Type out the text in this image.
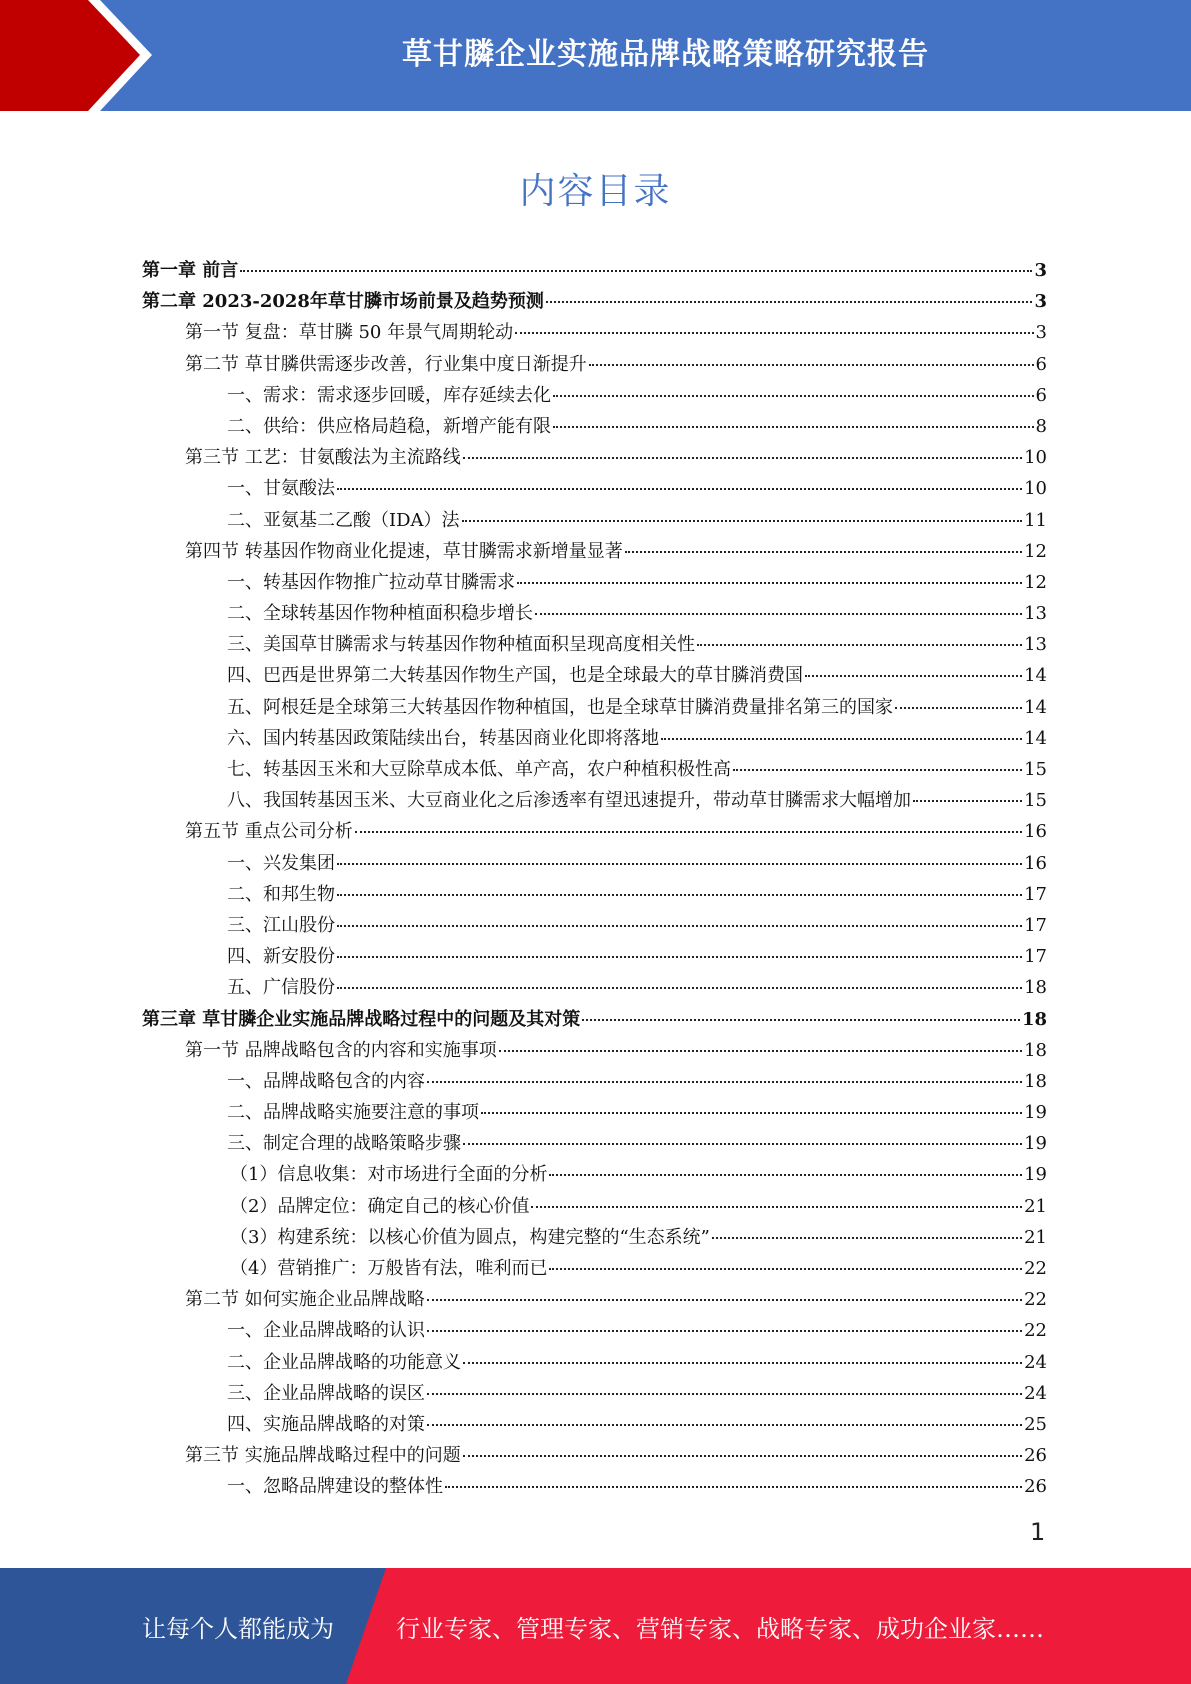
草甘膦企业实施品牌战略策略研究报告
内容目录
第一章 前言	3
第二章 2023-2028年草甘膦市场前景及趋势预测	3
第一节 复盘：草甘膦 50 年景气周期轮动	3
第二节 草甘膦供需逐步改善，行业集中度日渐提升	6
一、需求：需求逐步回暖，库存延续去化	6
二、供给：供应格局趋稳，新增产能有限	8
第三节 工艺：甘氨酸法为主流路线	10
一、甘氨酸法	10
二、亚氨基二乙酸（IDA）法	11
第四节 转基因作物商业化提速，草甘膦需求新增量显著	12
一、转基因作物推广拉动草甘膦需求	12
二、全球转基因作物种植面积稳步增长	13
三、美国草甘膦需求与转基因作物种植面积呈现高度相关性	13
四、巴西是世界第二大转基因作物生产国，也是全球最大的草甘膦消费国	14
五、阿根廷是全球第三大转基因作物种植国，也是全球草甘膦消费量排名第三的国家	14
六、国内转基因政策陆续出台，转基因商业化即将落地	14
七、转基因玉米和大豆除草成本低、单产高，农户种植积极性高	15
八、我国转基因玉米、大豆商业化之后渗透率有望迅速提升，带动草甘膦需求大幅增加	15
第五节 重点公司分析	16
一、兴发集团	16
二、和邦生物	17
三、江山股份	17
四、新安股份	17
五、广信股份	18
第三章 草甘膦企业实施品牌战略过程中的问题及其对策	18
第一节 品牌战略包含的内容和实施事项	18
一、品牌战略包含的内容	18
二、品牌战略实施要注意的事项	19
三、制定合理的战略策略步骤	19
（1）信息收集：对市场进行全面的分析	19
（2）品牌定位：确定自己的核心价值	21
（3）构建系统：以核心价值为圆点，构建完整的“生态系统”	21
（4）营销推广：万般皆有法，唯利而已	22
第二节 如何实施企业品牌战略	22
一、企业品牌战略的认识	22
二、企业品牌战略的功能意义	24
三、企业品牌战略的误区	24
四、实施品牌战略的对策	25
第三节 实施品牌战略过程中的问题	26
一、忽略品牌建设的整体性	26
1
让每个人都能成为	行业专家、管理专家、营销专家、战略专家、成功企业家……
